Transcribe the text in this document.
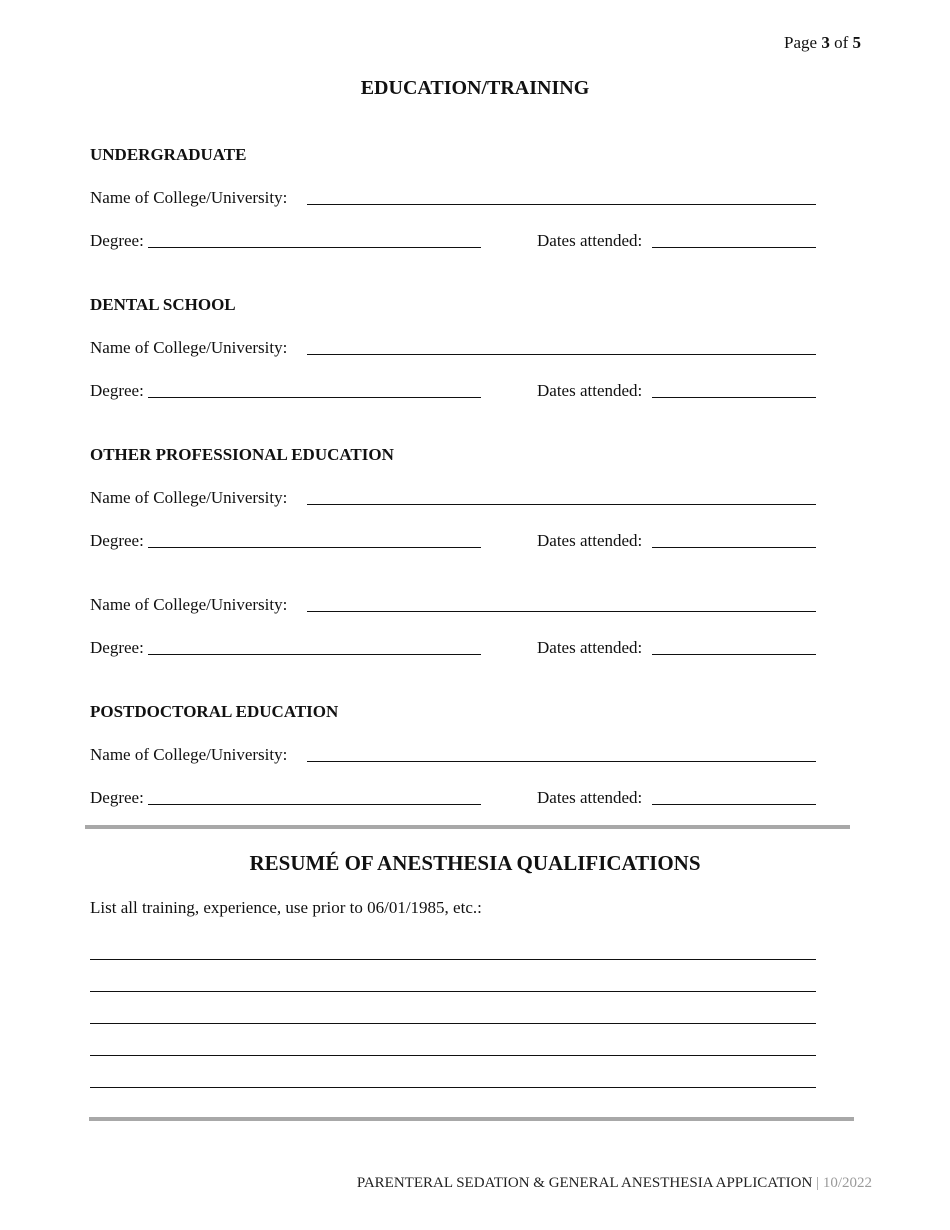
Page 3 of 5
EDUCATION/TRAINING
UNDERGRADUATE
Name of College/University:
Degree:	Dates attended:
DENTAL SCHOOL
Name of College/University:
Degree:	Dates attended:
OTHER PROFESSIONAL EDUCATION
Name of College/University:
Degree:	Dates attended:
Name of College/University:
Degree:	Dates attended:
POSTDOCTORAL EDUCATION
Name of College/University:
Degree:	Dates attended:
RESUMÉ OF ANESTHESIA QUALIFICATIONS
List all training, experience, use prior to 06/01/1985, etc.:
PARENTERAL SEDATION & GENERAL ANESTHESIA APPLICATION | 10/2022
